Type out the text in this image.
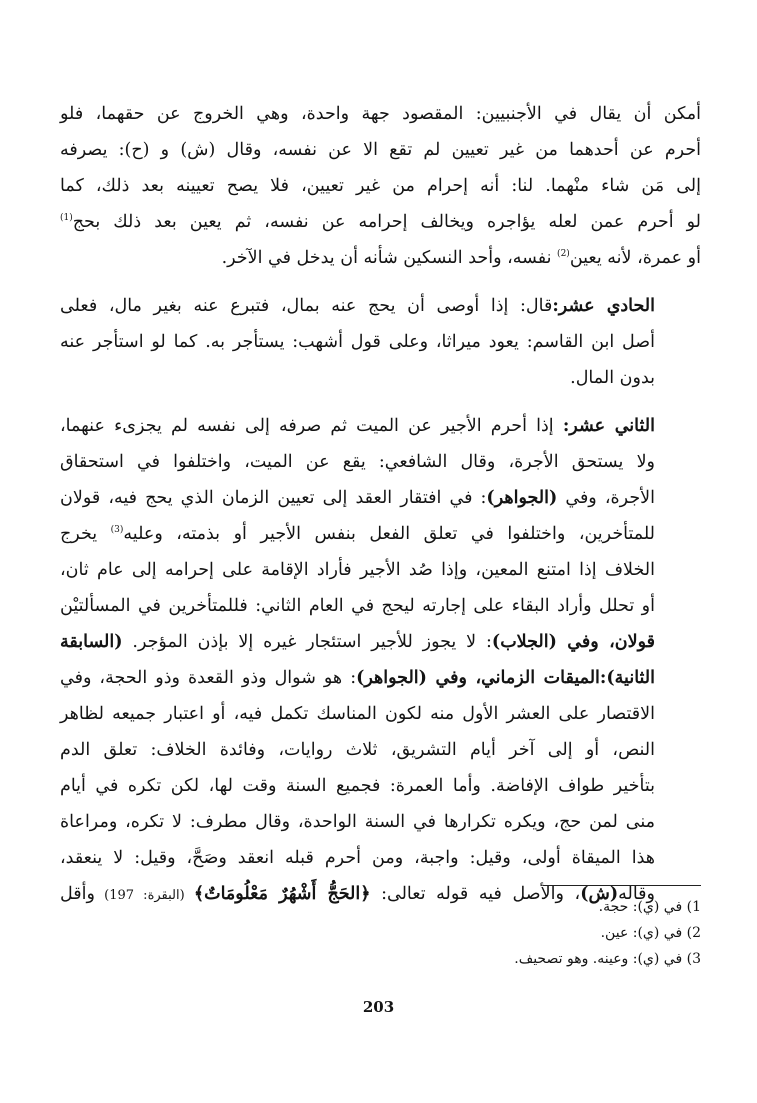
أمكن أن يقال في الأجنبيين: المقصود جهة واحدة، وهي الخروج عن حقهما، فلو
أحرم عن أحدهما من غير تعيين لم تقع الا عن نفسه، وقال (ش) و (ح): يصرفه
إلى مَن شاء منْهما. لنا: أنه إحرام من غير تعيين، فلا يصح تعيينه بعد ذلك، كما
لو أحرم عمن لعله يؤاجره ويخالف إحرامه عن نفسه، ثم يعين بعد ذلك بحج$^{(1)}$
أو عمرة، لأنه يعين$^{(2)}$ نفسه، وأحد النسكين شأنه أن يدخل في الآخر.

الحادي عشر:قال: إذا أوصى أن يحج عنه بمال، فتبرع عنه بغير مال، فعلى
أصل ابن القاسم: يعود ميراثا، وعلى قول أشهب: يستأجر به. كما لو استأجر عنه
بدون المال.

الثاني عشر: إذا أحرم الأجير عن الميت ثم صرفه إلى نفسه لم يجزىء عنهما،
ولا يستحق الأجرة، وقال الشافعي: يقع عن الميت، واختلفوا في استحقاق
الأجرة، وفي (الجواهر): في افتقار العقد إلى تعيين الزمان الذي يحج فيه، قولان
للمتأخرين، واختلفوا في تعلق الفعل بنفس الأجير أو بذمته، وعليه$^{(3)}$ يخرج
الخلاف إذا امتنع المعين، وإذا صُد الأجير فأراد الإقامة على إحرامه إلى عام ثان،
أو تحلل وأراد البقاء على إجارته ليحج في العام الثاني: فللمتأخرين في المسألتيْن
قولان، وفي (الجلاب): لا يجوز للأجير استئجار غيره إلا بإذن المؤجر. (السابقة
الثانية):الميقات الزماني، وفي (الجواهر): هو شوال وذو القعدة وذو الحجة، وفي
الاقتصار على العشر الأول منه لكون المناسك تكمل فيه، أو اعتبار جميعه لظاهر
النص، أو إلى آخر أيام التشريق، ثلاث روايات، وفائدة الخلاف: تعلق الدم
بتأخير طواف الإفاضة. وأما العمرة: فجميع السنة وقت لها، لكن تكره في أيام
منى لمن حج، ويكره تكرارها في السنة الواحدة، وقال مطرف: لا تكره، ومراعاة
هذا الميقاة أولى، وقيل: واجبة، ومن أحرم قبله انعقد وصَحَّ، وقيل: لا ينعقد،
وقاله(ش)، والأصل فيه قوله تعالى: ﴿الحَجُّ أَشْهُرٌ مَعْلُومَاتٌ﴾ (البقرة: 197) وأقل

1) في (ي): حجة.
2) في (ي): عين.
3) في (ي): وعينه. وهو تصحيف.
203
